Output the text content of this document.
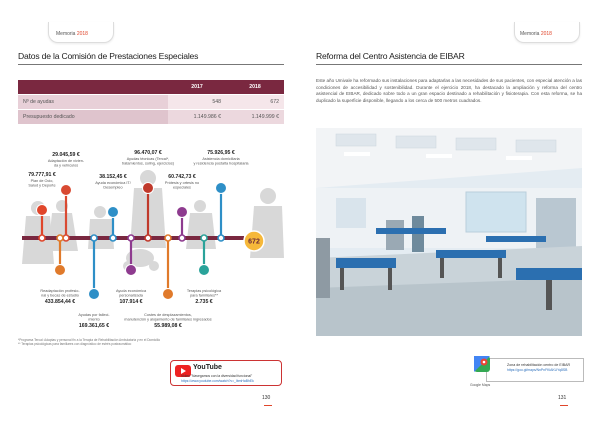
Memoria 2018
Datos de la Comisión de Prestaciones Especiales
	2017	2018
Nº de ayudas	548	672
Presupuesto dedicado	1.149.986 €	1.149.999 €
672
79.777,91 €
Plan de Ocio,
Salud y Deporte
29.045,59 €
Adaptación de vivien-
da y vehículos
38.152,45 €
Ayuda económica IT/
Desempleo
96.470,07 €
Ayudas técnicas (Tercal*,
tratamientos, sollng, ejercicios)
60.742,73 €
Prótesis y ortesis no
especiales
75.926,95 €
Asistencia domiciliaria
y residencia postalta hospitalaria
Readaptación profesio-
nal y becas de estudio
433.854,44 €
Ayudas por falleci-
miento
169.361,65 €
Ayuda económica
personalizada
107.914 €
Costes de desplazamientos,
manutención y alojamiento de familiares ingresados
55.989,08 €
Terapias psicológica
para familiares**
2.735 €
*Programa Tercal: Adaptas y personal fin a la Terapia de Rehabilitación Ambulatoria y en el Domicilio
** Terapias psicológicas para familiares con diagnóstico de estrés postraumático
YouTube
Vídeo "Navegamos con la diversidad funcional"
https://www.youtube.com/watch?v=_lbmHaBhEk
130
Memoria 2018
Reforma del Centro Asistencia de EIBAR
Este año Umivale ha reformado sus instalaciones para adaptarlas a las necesidades de sus pacientes, con especial atención a las condiciones de accesibilidad y sostenibilidad. Durante el ejercicio 2018, ha destacado la ampliación y reforma del centro asistencial de EIBAR, dedicado sobre todo a un gran espacio destinado a rehabilitación y fisioterapia. Con esta reforma, se ha duplicado la superficie disponible, llegando a los cerca de 500 metros cuadrados.
Zona de rehabilitación centro de EIBAR
https://goo.gl/maps/NnPnFKiAKUYq8SB
Google Maps
131
